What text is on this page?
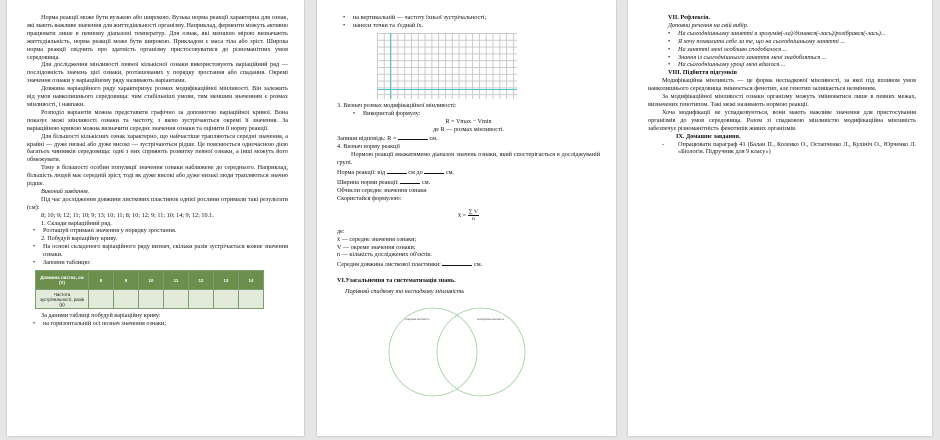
Норма реакції може бути вузькою або широкою. Вузька норма реакції характерна для ознак, які мають важливе значення для життєдіяльності організму. Наприклад, ферменти можуть активно працювати лише в певному діапазоні температур. Для ознак, які меншою мірою визначають життєдіяльність, норма реакції може бути широкою. Прикладом є маса тіла або зріст. Широка норма реакції свідчить про здатність організму пристосовуватися до різноманітних умов середовища.

Для дослідження мінливості певної кількісної ознаки використовують варіаційний ряд — послідовність значень цієї ознаки, розташованих у порядку зростання або спадання. Окремі значення ознаки у варіаційному ряду називають варіантами.

Довжина варіаційного ряду характеризує розмах модифікаційної мінливості. Він залежить від умов навколишнього середовища: чим стабільніші умови, тим меншим значенням є розмах мінливості, і навпаки.

Розподіл варіантів можна представити графічно за допомогою варіаційної кривої. Вона показує межі мінливості ознаки та частоту, з якою зустрічаються окремі її значення. За варіаційною кривою можна визначити середнє значення ознаки та оцінити її норму реакції.

Для більшості кількісних ознак характерно, що найчастіше трапляються середні значення, а крайні — дуже низькі або дуже високі — зустрічаються рідше. Це пояснюється одночасною дією багатьох чинників середовища: одні з них сприяють розвитку певної ознаки, а інші можуть його обмежувати.

Тому в більшості особин популяції значення ознаки наближене до середнього. Наприклад, більшість людей має середній зріст, тоді як дуже високі або дуже низькі люди трапляються значно рідше.

Виконай завдання.

Під час дослідження довжини листкових пластинок однієї рослини отримали такі результати (см):

8; 10; 9; 12; 11; 10; 9; 13; 10; 11; 8; 10; 12; 9; 11; 10; 14; 9; 12; 10.1.

1. Склади варіаційний ряд.

• Розташуй отримані значення у порядку зростання.

2. Побудуй варіаційну криву.

• На основі складеного варіаційного ряду визнач, скільки разів зустрічається кожне значення ознаки.

• Заповни таблицю:

Довжина листка, см (V)	8	9	10	11	12	13	14
Частота зустрічальності, разів (p)							

За даними таблиці побудуй варіаційну криву:

• на горизонтальній осі познач значення ознаки;

• на вертикальній — частоту їхньої зустрічальності;

• нанеси точки та з'єднай їх.

3. Визнач розмах модифікаційної мінливості:

• Використай формулу:

R = Vmax − Vmin

де R — розмах мінливості.

Запиши відповідь: R =	см.

4. Визнач норму реакції

Нормою реакції вважатимемо діапазон значень ознаки, який спостерігається в досліджуваній групі.

Норма реакції: від	см до	см.

Ширина норми реакції:	см.

Обчисли середнє значення ознаки

Скористайся формулою:

x̄ = $\frac{\sum V}{n}$

де:

x̄ — середнє значення ознаки;

V — окреме значення ознаки;

n — кількість досліджених об'єктів.

Середня довжина листкової пластинки:	см.

VI.Узагальнення та систематизація знань.

Порівняй спадкову та неспадкову мінливість

спадкова мінливість	неспадкова мінливість

VII. Рефлексія.

Доповни речення на свій вибір.

• На сьогоднішньому занятті я зрозумів(-ла)/дізнався(-лась)/розібрався(-лась)...

• Я хочу похвалити себе за те, що на сьогоднішньому занятті ...

• На занятті мені особливо сподобалося ...

• Знання із сьогоднішнього заняття мені знадобляться ...

• На сьогоднішньому уроці мені вдалося ...

VIII. Підбиття підсумків

Модифікаційна мінливість — це форма неспадкової мінливості, за якої під впливом умов навколишнього середовища змінюється фенотип, але генотип залишається незмінним.

За модифікаційної мінливості ознаки організму можуть змінюватися лише в певних межах, визначених генотипом. Такі межі називають нормою реакції.

Хоча модифікації не успадковуються, вони мають важливе значення для пристосування організмів до умов середовища. Разом зі спадковою мінливістю модифікаційна мінливість забезпечує різноманітність фенотипів живих організмів.

IX. Домашнє завдання.

- Опрацювати параграф 41 (Балан П., Коленко О., Остапченко Л., Кулініч О., Юрченко Л. «Біологія. Підручник для 9 класу»)
